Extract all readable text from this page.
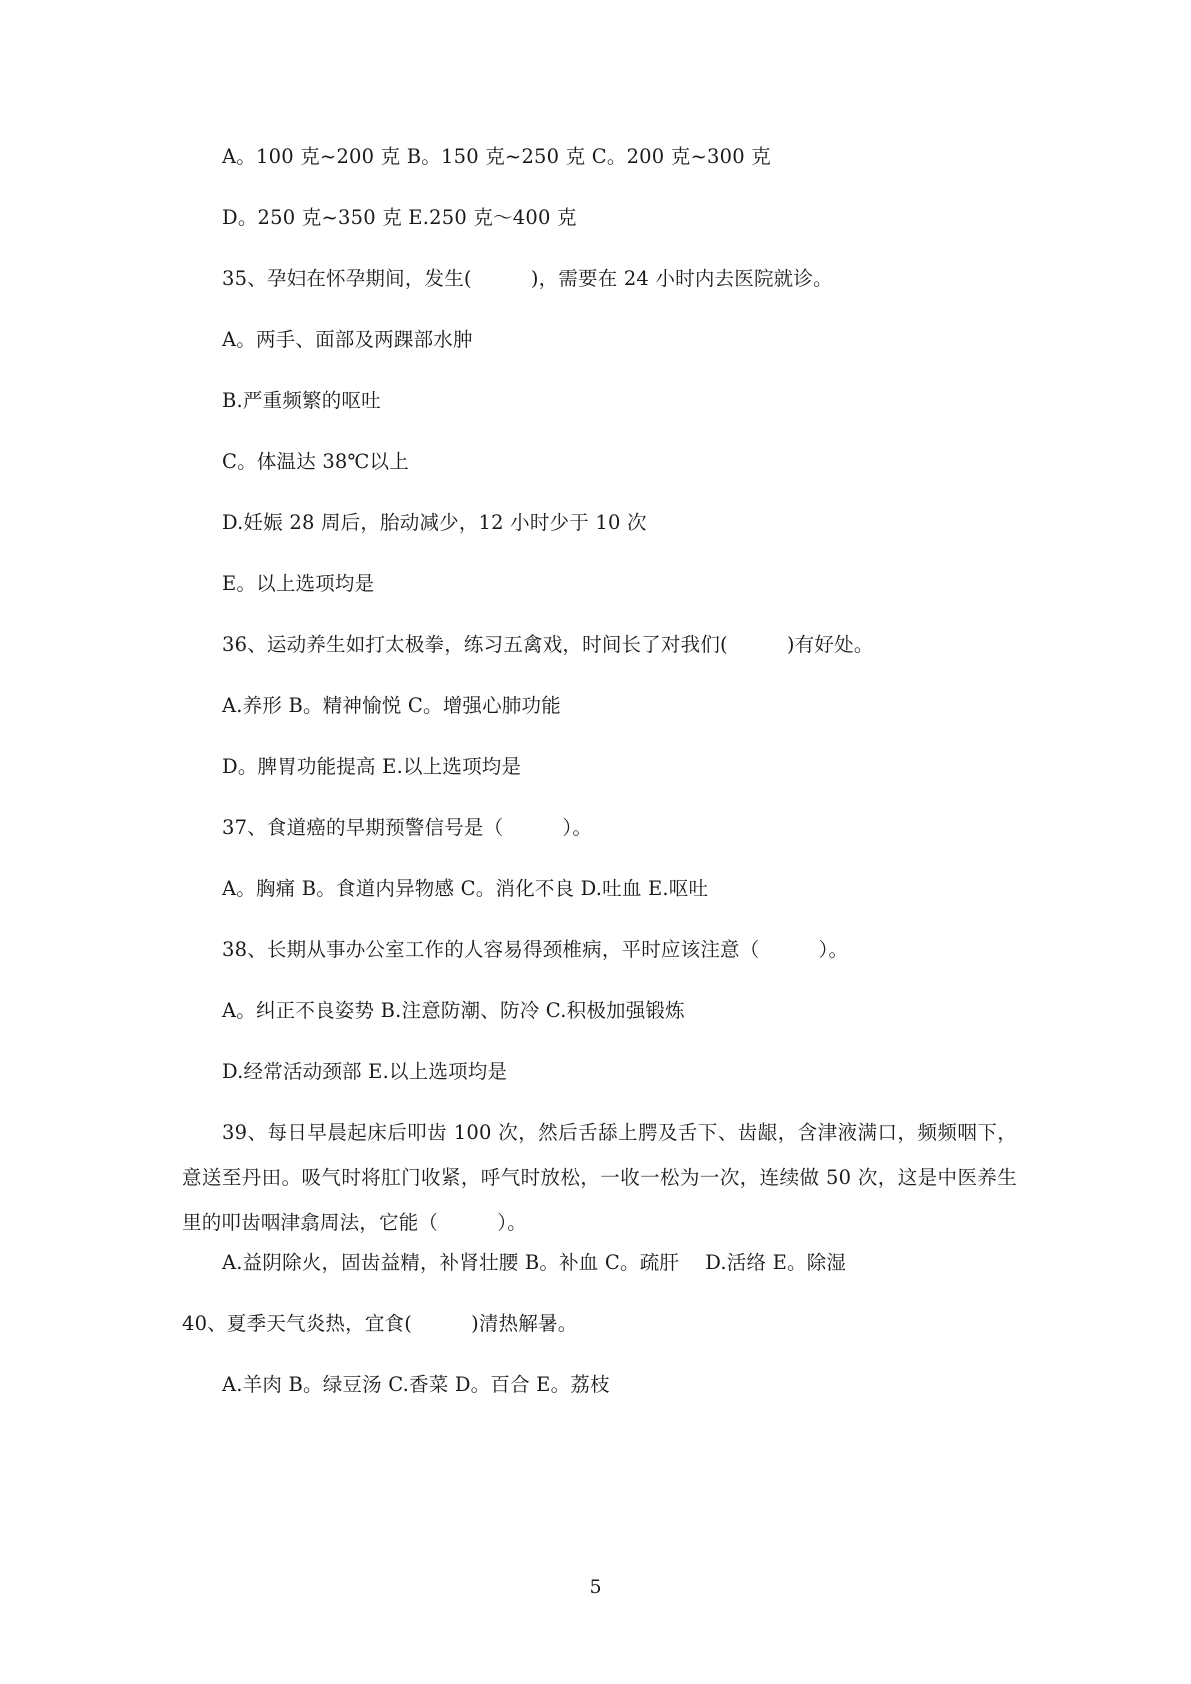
A。100 克~200 克 B。150 克~250 克 C。200 克~300 克
D。250 克~350 克 E.250 克～400 克
35、孕妇在怀孕期间，发生(　　　)，需要在 24 小时内去医院就诊。
A。两手、面部及两踝部水肿
B.严重频繁的呕吐
C。体温达 38℃以上
D.妊娠 28 周后，胎动减少，12 小时少于 10 次
E。以上选项均是
36、运动养生如打太极拳，练习五禽戏，时间长了对我们(　　　)有好处。
A.养形 B。精神愉悦 C。增强心肺功能
D。脾胃功能提高 E.以上选项均是
37、食道癌的早期预警信号是（　　　）。
A。胸痛 B。食道内异物感 C。消化不良 D.吐血 E.呕吐
38、长期从事办公室工作的人容易得颈椎病，平时应该注意（　　　）。
A。纠正不良姿势 B.注意防潮、防冷 C.积极加强锻炼
D.经常活动颈部 E.以上选项均是
39、每日早晨起床后叩齿 100 次，然后舌舔上腭及舌下、齿龈，含津液满口，频频咽下，意送至丹田。吸气时将肛门收紧，呼气时放松，一收一松为一次，连续做 50 次，这是中医养生里的叩齿咽津翕周法，它能（　　　）。
A.益阴除火，固齿益精，补肾壮腰 B。补血 C。疏肝　 D.活络 E。除湿
40、夏季天气炎热，宜食(　　　)清热解暑。
A.羊肉 B。绿豆汤 C.香菜 D。百合 E。荔枝
5
